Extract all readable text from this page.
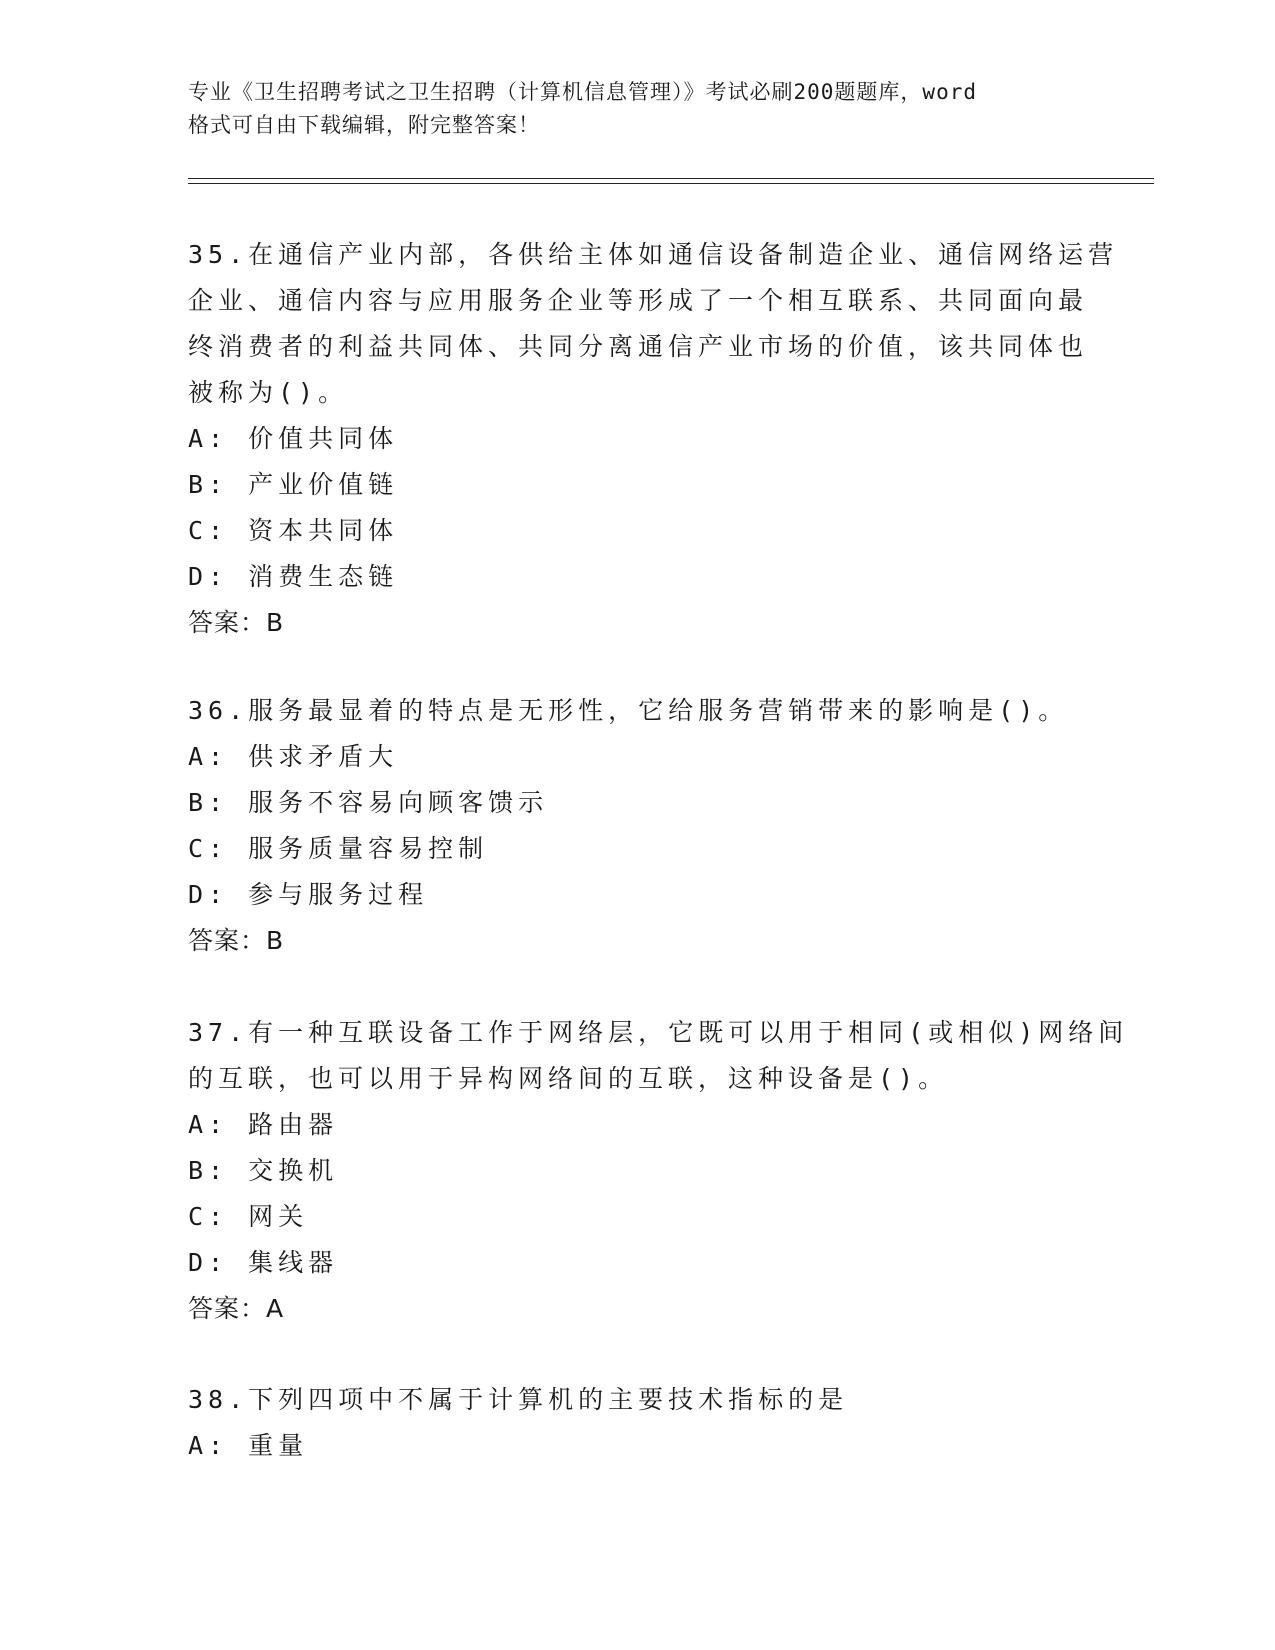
专业《卫生招聘考试之卫生招聘（计算机信息管理）》考试必刷200题题库，word
格式可自由下载编辑，附完整答案！
35.在通信产业内部，各供给主体如通信设备制造企业、通信网络运营
企业、通信内容与应用服务企业等形成了一个相互联系、共同面向最
终消费者的利益共同体、共同分离通信产业市场的价值，该共同体也
被称为()。
A: 价值共同体
B: 产业价值链
C: 资本共同体
D: 消费生态链
答案：B
36.服务最显着的特点是无形性，它给服务营销带来的影响是()。
A: 供求矛盾大
B: 服务不容易向顾客馈示
C: 服务质量容易控制
D: 参与服务过程
答案：B
37.有一种互联设备工作于网络层，它既可以用于相同(或相似)网络间
的互联，也可以用于异构网络间的互联，这种设备是()。
A: 路由器
B: 交换机
C: 网关
D: 集线器
答案：A
38.下列四项中不属于计算机的主要技术指标的是
A: 重量
